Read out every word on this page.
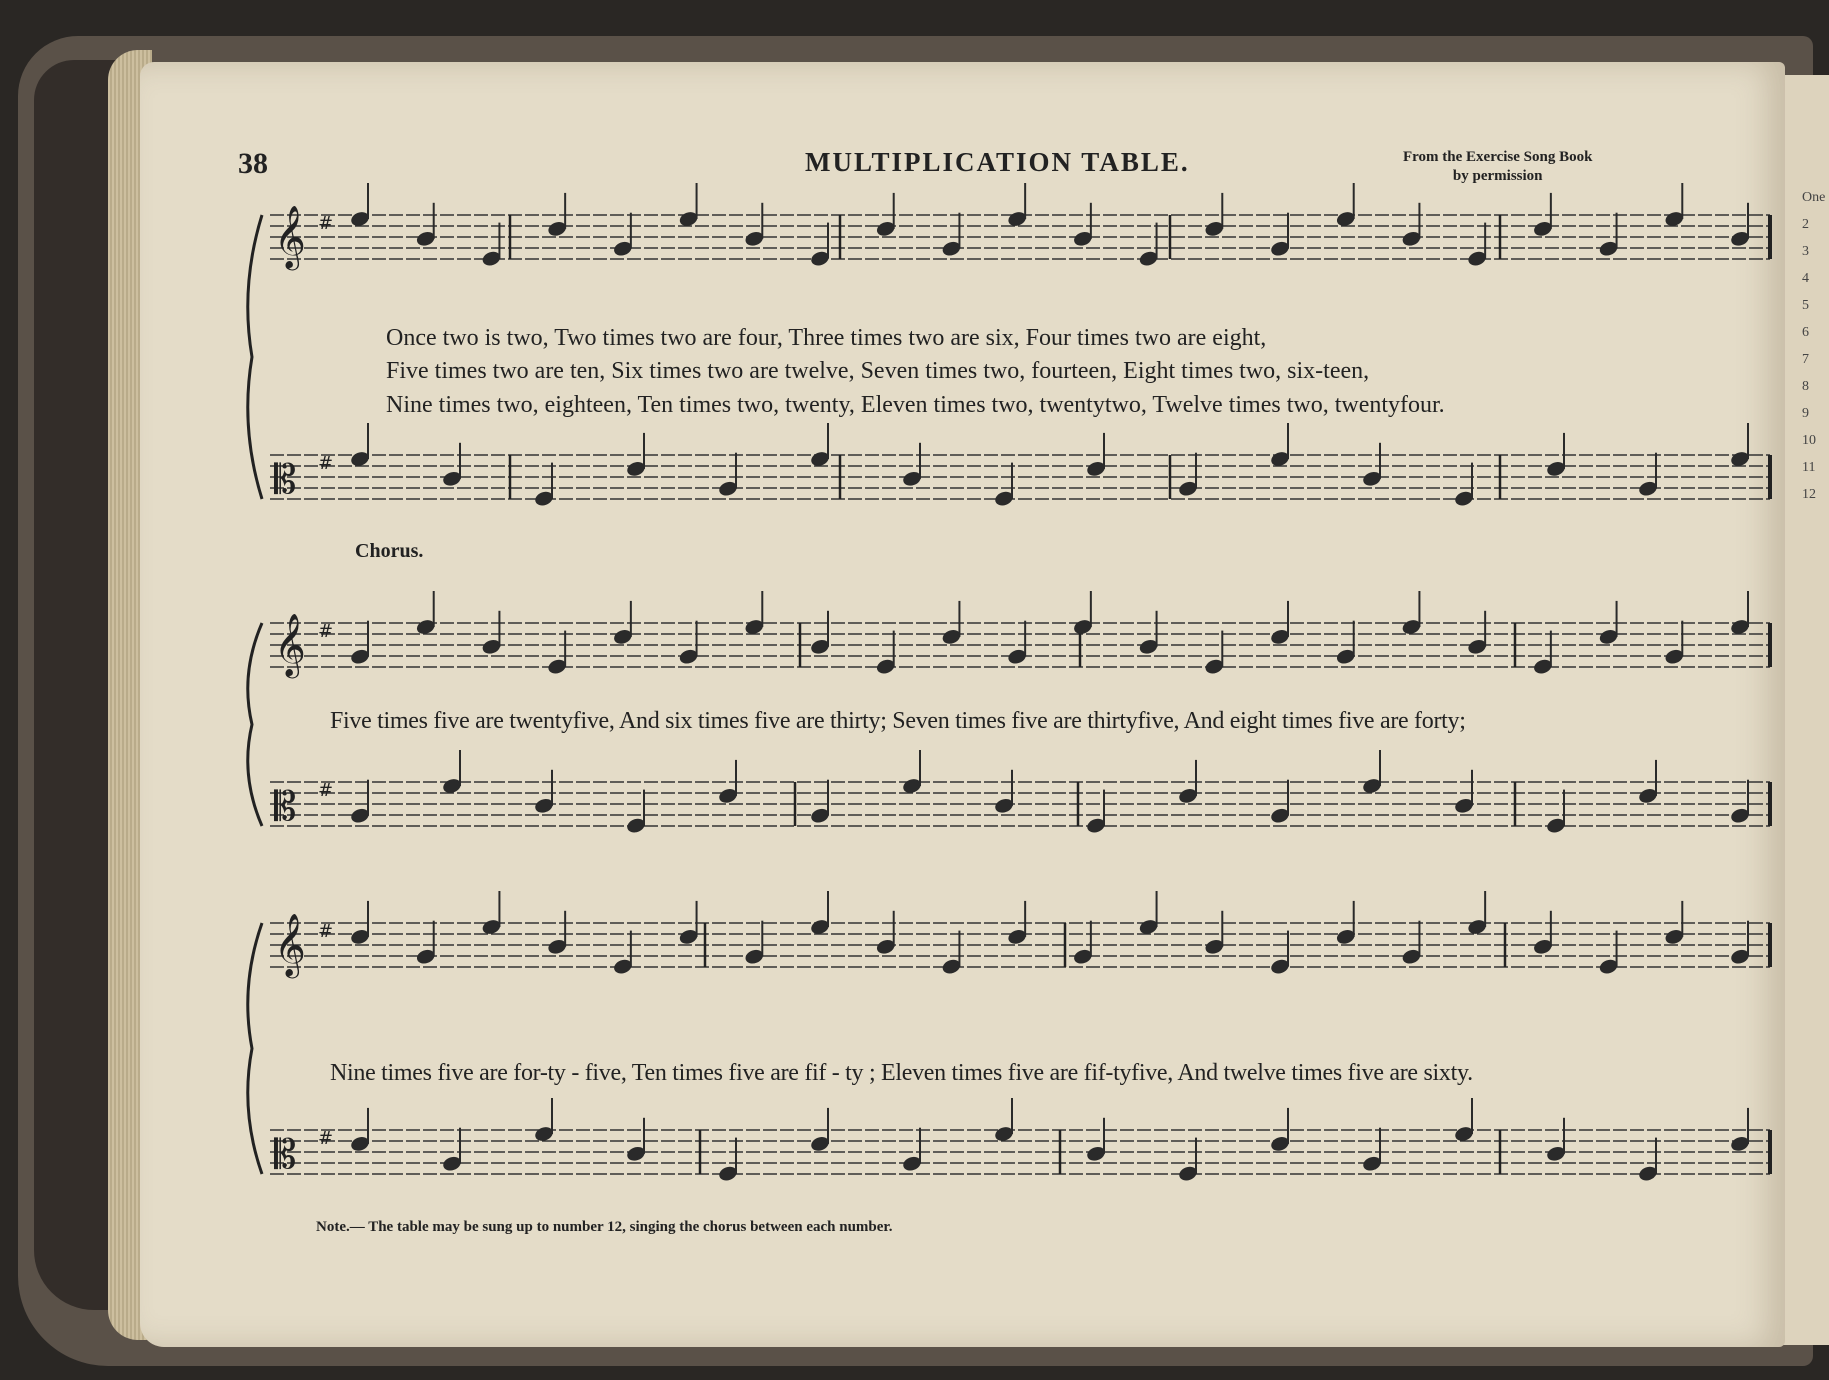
One
2
3
4
5
6
7
8
9
10
11
12
38	MULTIPLICATION TABLE.	From the Exercise Song Book
by permission
Once two is two, Two times two are four, Three times two are six, Four times two are eight,
Five times two are ten, Six times two are twelve, Seven times two, fourteen, Eight times two, six-teen,
Nine times two, eighteen, Ten times two, twenty, Eleven times two, twentytwo, Twelve times two, twentyfour.
Chorus.
Five times five are twentyfive, And six times five are thirty; Seven times five are thirtyfive, And eight times five are forty;
Nine times five are for-ty - five, Ten times five are fif - ty ; Eleven times five are fif-tyfive, And twelve times five are sixty.
Note.— The table may be sung up to number 12, singing the chorus between each number.
𝄞 #
𝄡 #
𝄞 #
𝄡 #
𝄞 #
𝄡 #
